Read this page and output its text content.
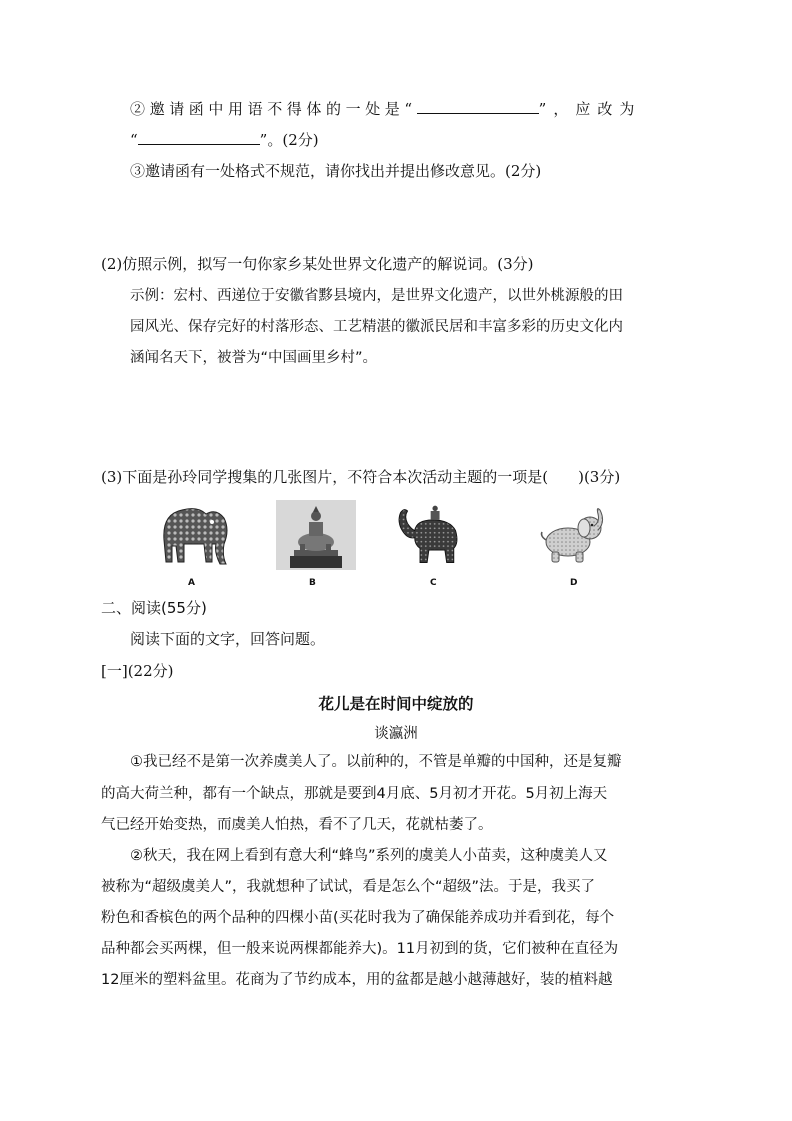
②邀请函中用语不得体的一处是“	”，应改为
“	”。(2分)
③邀请函有一处格式不规范，请你找出并提出修改意见。(2分)
(2)仿照示例，拟写一句你家乡某处世界文化遗产的解说词。(3分)
示例：宏村、西递位于安徽省黟县境内，是世界文化遗产，以世外桃源般的田
园风光、保存完好的村落形态、工艺精湛的徽派民居和丰富多彩的历史文化内
涵闻名天下，被誉为“中国画里乡村”。
(3)下面是孙玲同学搜集的几张图片，不符合本次活动主题的一项是(　　)(3分)
A	B	C	D
二、阅读(55分)
阅读下面的文字，回答问题。
[一](22分)
花儿是在时间中绽放的
谈瀛洲
①我已经不是第一次养虞美人了。以前种的，不管是单瓣的中国种，还是复瓣
的高大荷兰种，都有一个缺点，那就是要到4月底、5月初才开花。5月初上海天
气已经开始变热，而虞美人怕热，看不了几天，花就枯萎了。
②秋天，我在网上看到有意大利“蜂鸟”系列的虞美人小苗卖，这种虞美人又
被称为“超级虞美人”，我就想种了试试，看是怎么个“超级”法。于是，我买了
粉色和香槟色的两个品种的四棵小苗(买花时我为了确保能养成功并看到花，每个
品种都会买两棵，但一般来说两棵都能养大)。11月初到的货，它们被种在直径为
12厘米的塑料盆里。花商为了节约成本，用的盆都是越小越薄越好，装的植料越
